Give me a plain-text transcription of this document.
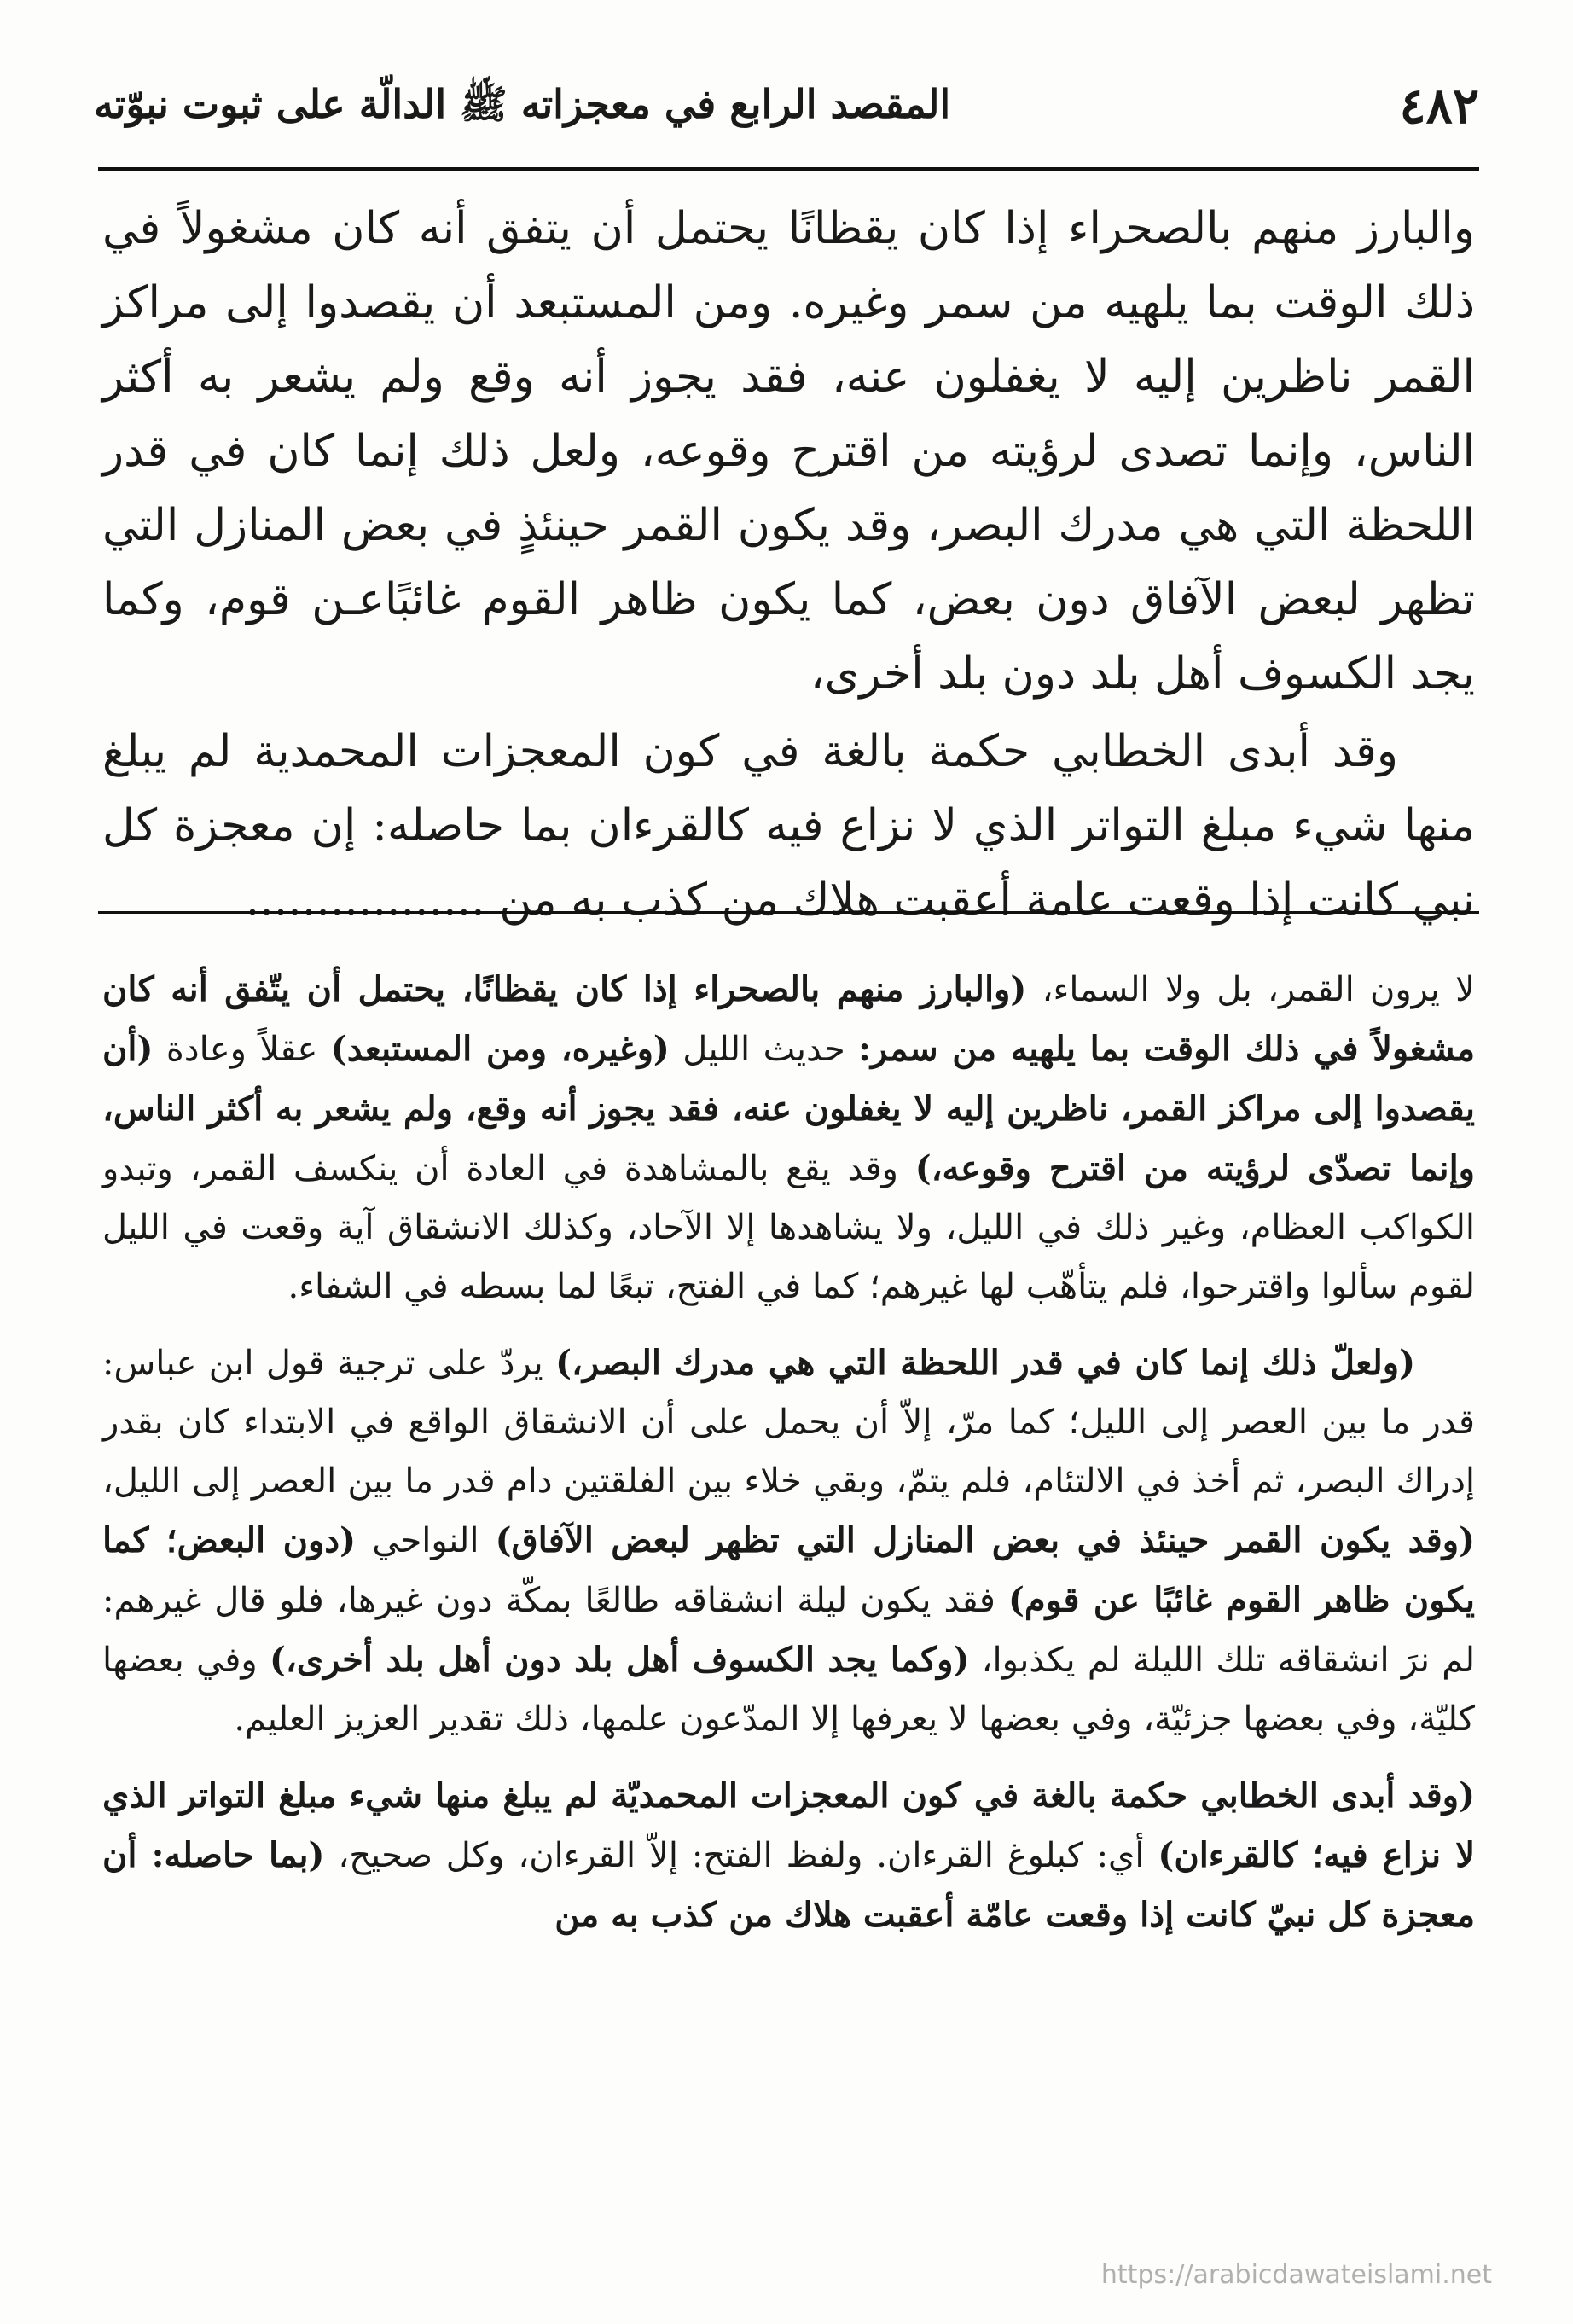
٤٨٢
المقصد الرابع في معجزاته ﷺ الدالّة على ثبوت نبوّته

والبارز منهم بالصحراء إذا كان يقظانًا يحتمل أن يتفق أنه كان مشغولاً في ذلك الوقت بما يلهيه من سمر وغيره. ومن المستبعد أن يقصدوا إلى مراكز القمر ناظرين إليه لا يغفلون عنه، فقد يجوز أنه وقع ولم يشعر به أكثر الناس، وإنما تصدى لرؤيته من اقترح وقوعه، ولعل ذلك إنما كان في قدر اللحظة التي هي مدرك البصر، وقد يكون القمر حينئذٍ في بعض المنازل التي تظهر لبعض الآفاق دون بعض، كما يكون ظاهر القوم غائبًاعـن قوم، وكما يجد الكسوف أهل بلد دون بلد أخرى،

وقد أبدى الخطابي حكمة بالغة في كون المعجزات المحمدية لم يبلغ منها شيء مبلغ التواتر الذي لا نزاع فيه كالقرءان بما حاصله: إن معجزة كل نبي كانت إذا وقعت عامة أعقبت هلاك من كذب به من .................

لا يرون القمر، بل ولا السماء، (والبارز منهم بالصحراء إذا كان يقظانًا، يحتمل أن يتّفق أنه كان مشغولاً في ذلك الوقت بما يلهيه من سمر: حديث الليل (وغيره، ومن المستبعد) عقلاً وعادة (أن يقصدوا إلى مراكز القمر، ناظرين إليه لا يغفلون عنه، فقد يجوز أنه وقع، ولم يشعر به أكثر الناس، وإنما تصدّى لرؤيته من اقترح وقوعه،) وقد يقع بالمشاهدة في العادة أن ينكسف القمر، وتبدو الكواكب العظام، وغير ذلك في الليل، ولا يشاهدها إلا الآحاد، وكذلك الانشقاق آية وقعت في الليل لقوم سألوا واقترحوا، فلم يتأهّب لها غيرهم؛ كما في الفتح، تبعًا لما بسطه في الشفاء.

(ولعلّ ذلك إنما كان في قدر اللحظة التي هي مدرك البصر،) يردّ على ترجية قول ابن عباس: قدر ما بين العصر إلى الليل؛ كما مرّ، إلاّ أن يحمل على أن الانشقاق الواقع في الابتداء كان بقدر إدراك البصر، ثم أخذ في الالتئام، فلم يتمّ، وبقي خلاء بين الفلقتين دام قدر ما بين العصر إلى الليل، (وقد يكون القمر حينئذ في بعض المنازل التي تظهر لبعض الآفاق) النواحي (دون البعض؛ كما يكون ظاهر القوم غائبًا عن قوم) فقد يكون ليلة انشقاقه طالعًا بمكّة دون غيرها، فلو قال غيرهم: لم نرَ انشقاقه تلك الليلة لم يكذبوا، (وكما يجد الكسوف أهل بلد دون أهل بلد أخرى،) وفي بعضها كليّة، وفي بعضها جزئيّة، وفي بعضها لا يعرفها إلا المدّعون علمها، ذلك تقدير العزيز العليم.

(وقد أبدى الخطابي حكمة بالغة في كون المعجزات المحمديّة لم يبلغ منها شيء مبلغ التواتر الذي لا نزاع فيه؛ كالقرءان) أي: كبلوغ القرءان. ولفظ الفتح: إلاّ القرءان، وكل صحيح، (بما حاصله: أن معجزة كل نبيّ كانت إذا وقعت عامّة أعقبت هلاك من كذب به من

https://arabicdawateislami.net
